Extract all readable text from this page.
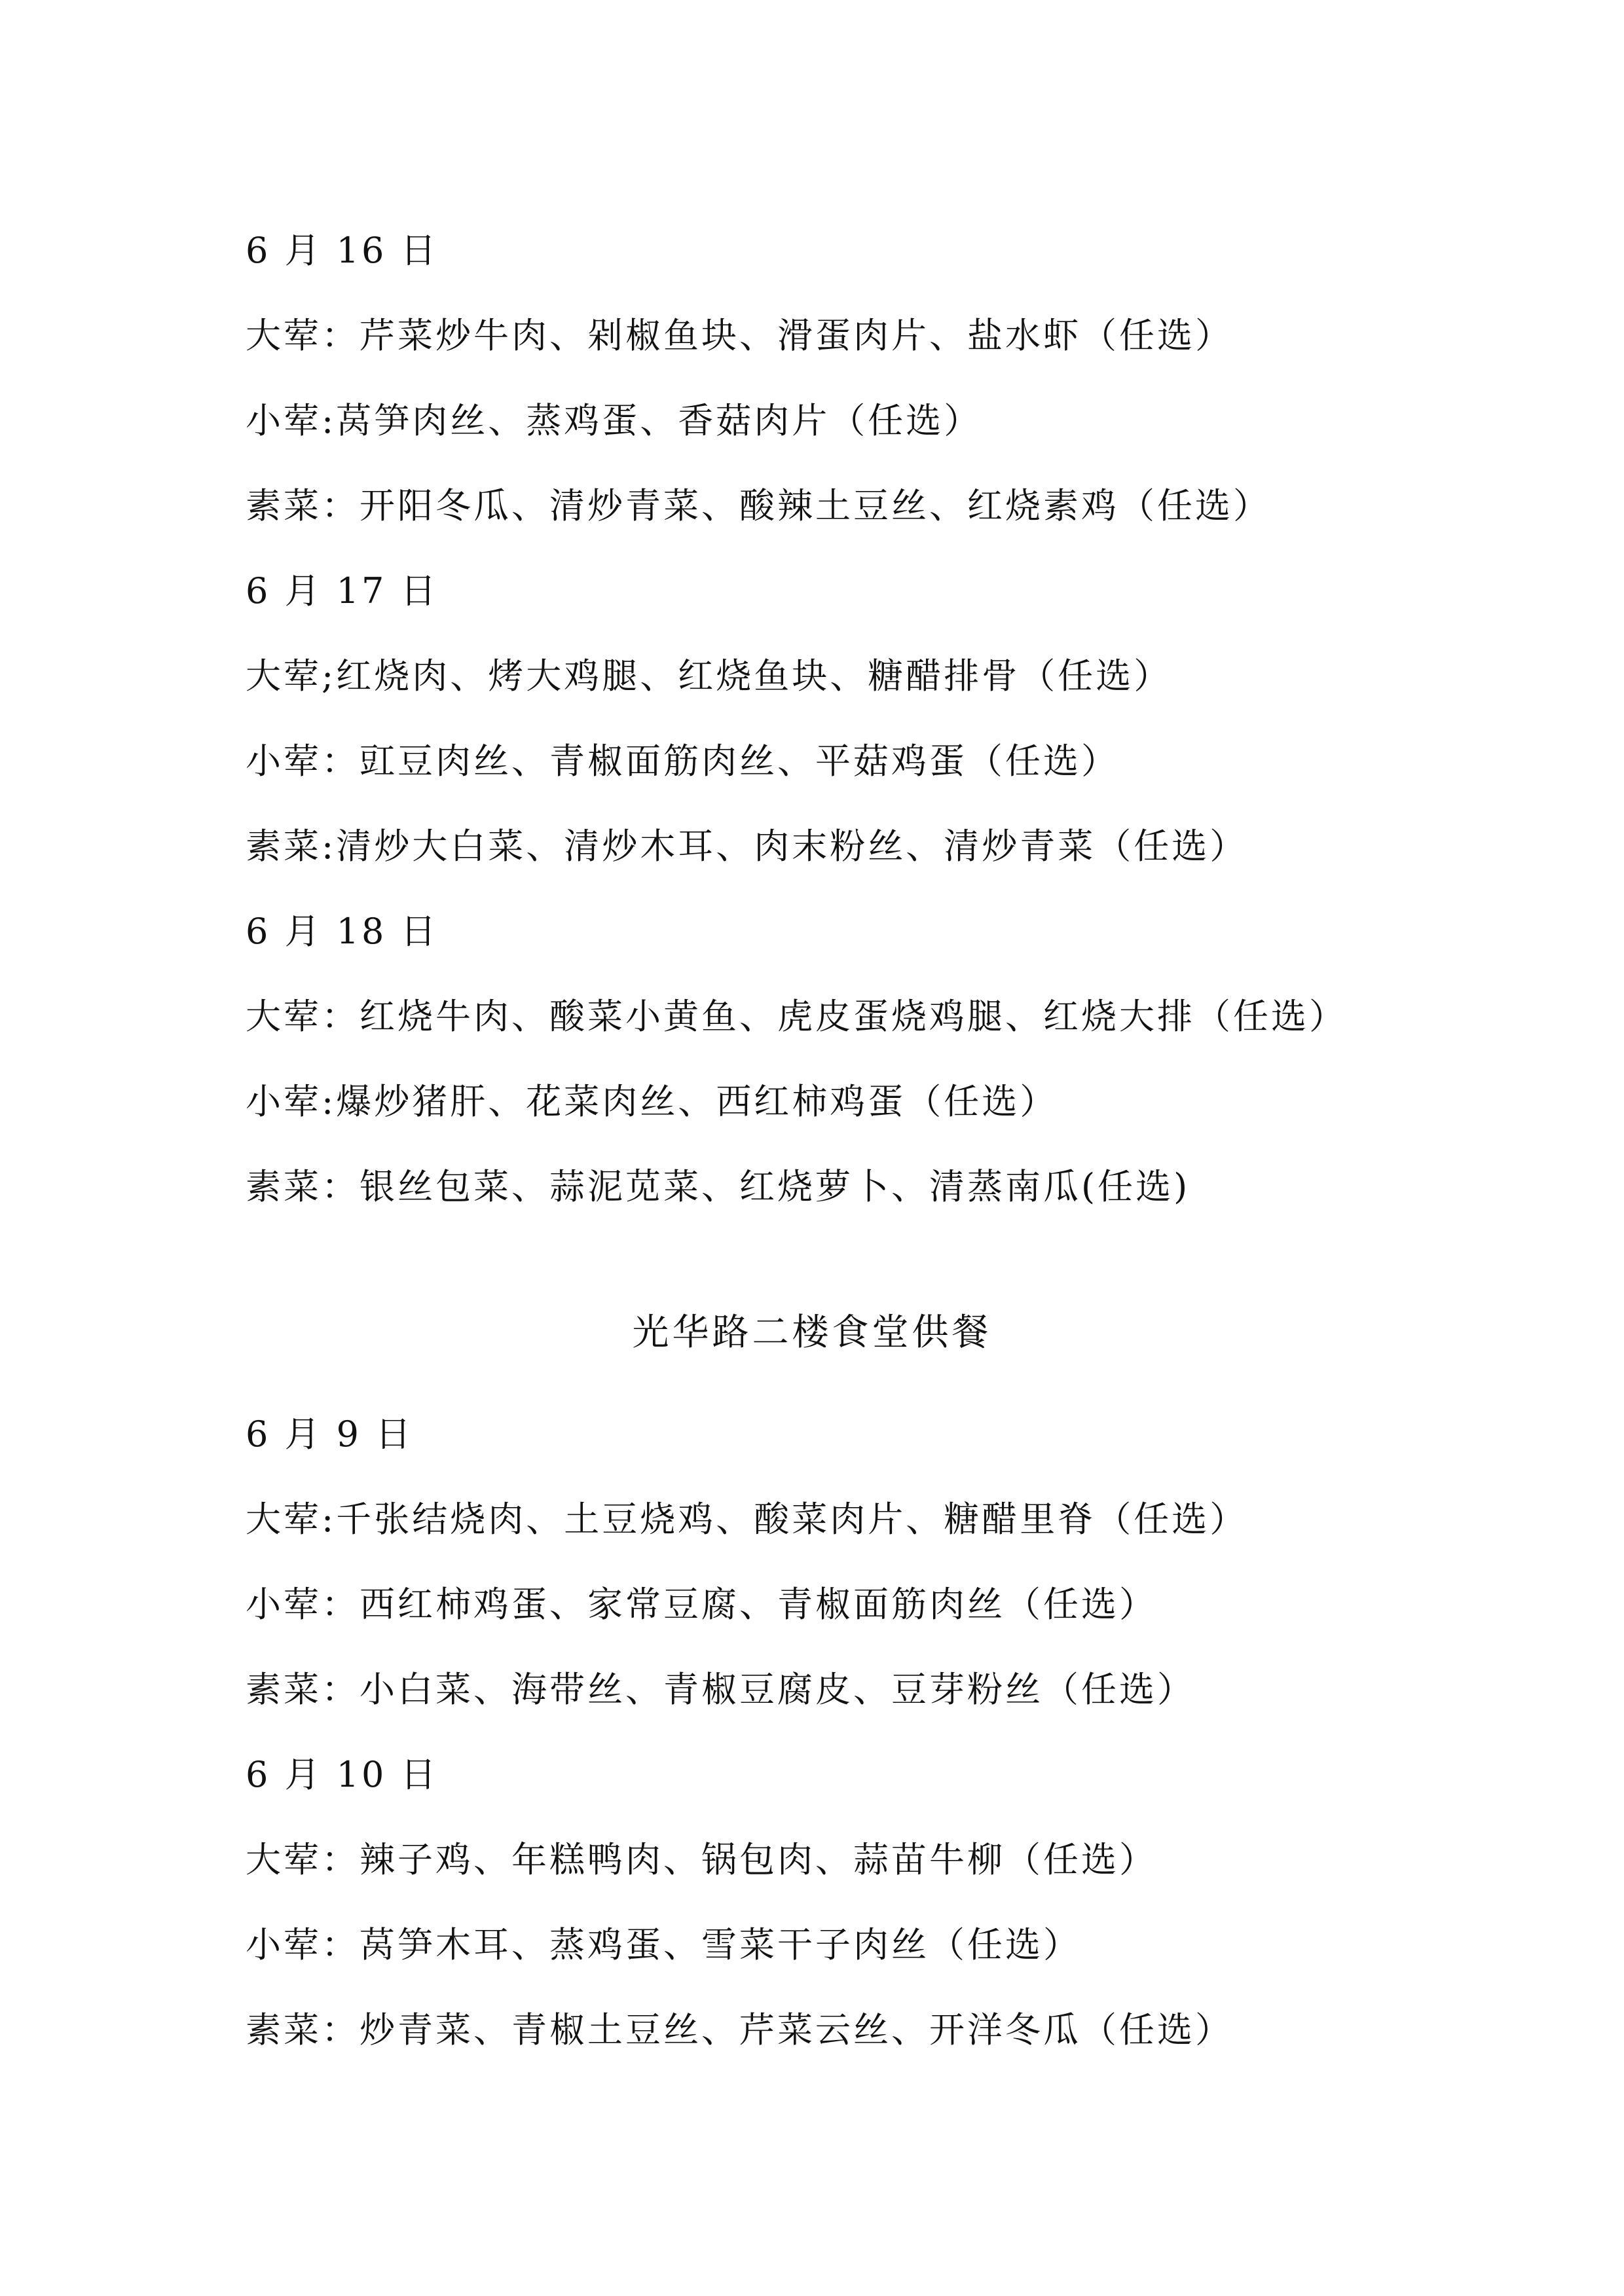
6 月 16 日
大荤：芹菜炒牛肉、剁椒鱼块、滑蛋肉片、盐水虾（任选）
小荤:莴笋肉丝、蒸鸡蛋、香菇肉片（任选）
素菜：开阳冬瓜、清炒青菜、酸辣土豆丝、红烧素鸡（任选）
6 月 17 日
大荤;红烧肉、烤大鸡腿、红烧鱼块、糖醋排骨（任选）
小荤：豇豆肉丝、青椒面筋肉丝、平菇鸡蛋（任选）
素菜:清炒大白菜、清炒木耳、肉末粉丝、清炒青菜（任选）
6 月 18 日
大荤：红烧牛肉、酸菜小黄鱼、虎皮蛋烧鸡腿、红烧大排（任选）
小荤:爆炒猪肝、花菜肉丝、西红柿鸡蛋（任选）
素菜：银丝包菜、蒜泥苋菜、红烧萝卜、清蒸南瓜(任选)
光华路二楼食堂供餐
6 月 9 日
大荤:千张结烧肉、土豆烧鸡、酸菜肉片、糖醋里脊（任选）
小荤：西红柿鸡蛋、家常豆腐、青椒面筋肉丝（任选）
素菜：小白菜、海带丝、青椒豆腐皮、豆芽粉丝（任选）
6 月 10 日
大荤：辣子鸡、年糕鸭肉、锅包肉、蒜苗牛柳（任选）
小荤：莴笋木耳、蒸鸡蛋、雪菜干子肉丝（任选）
素菜：炒青菜、青椒土豆丝、芹菜云丝、开洋冬瓜（任选）
